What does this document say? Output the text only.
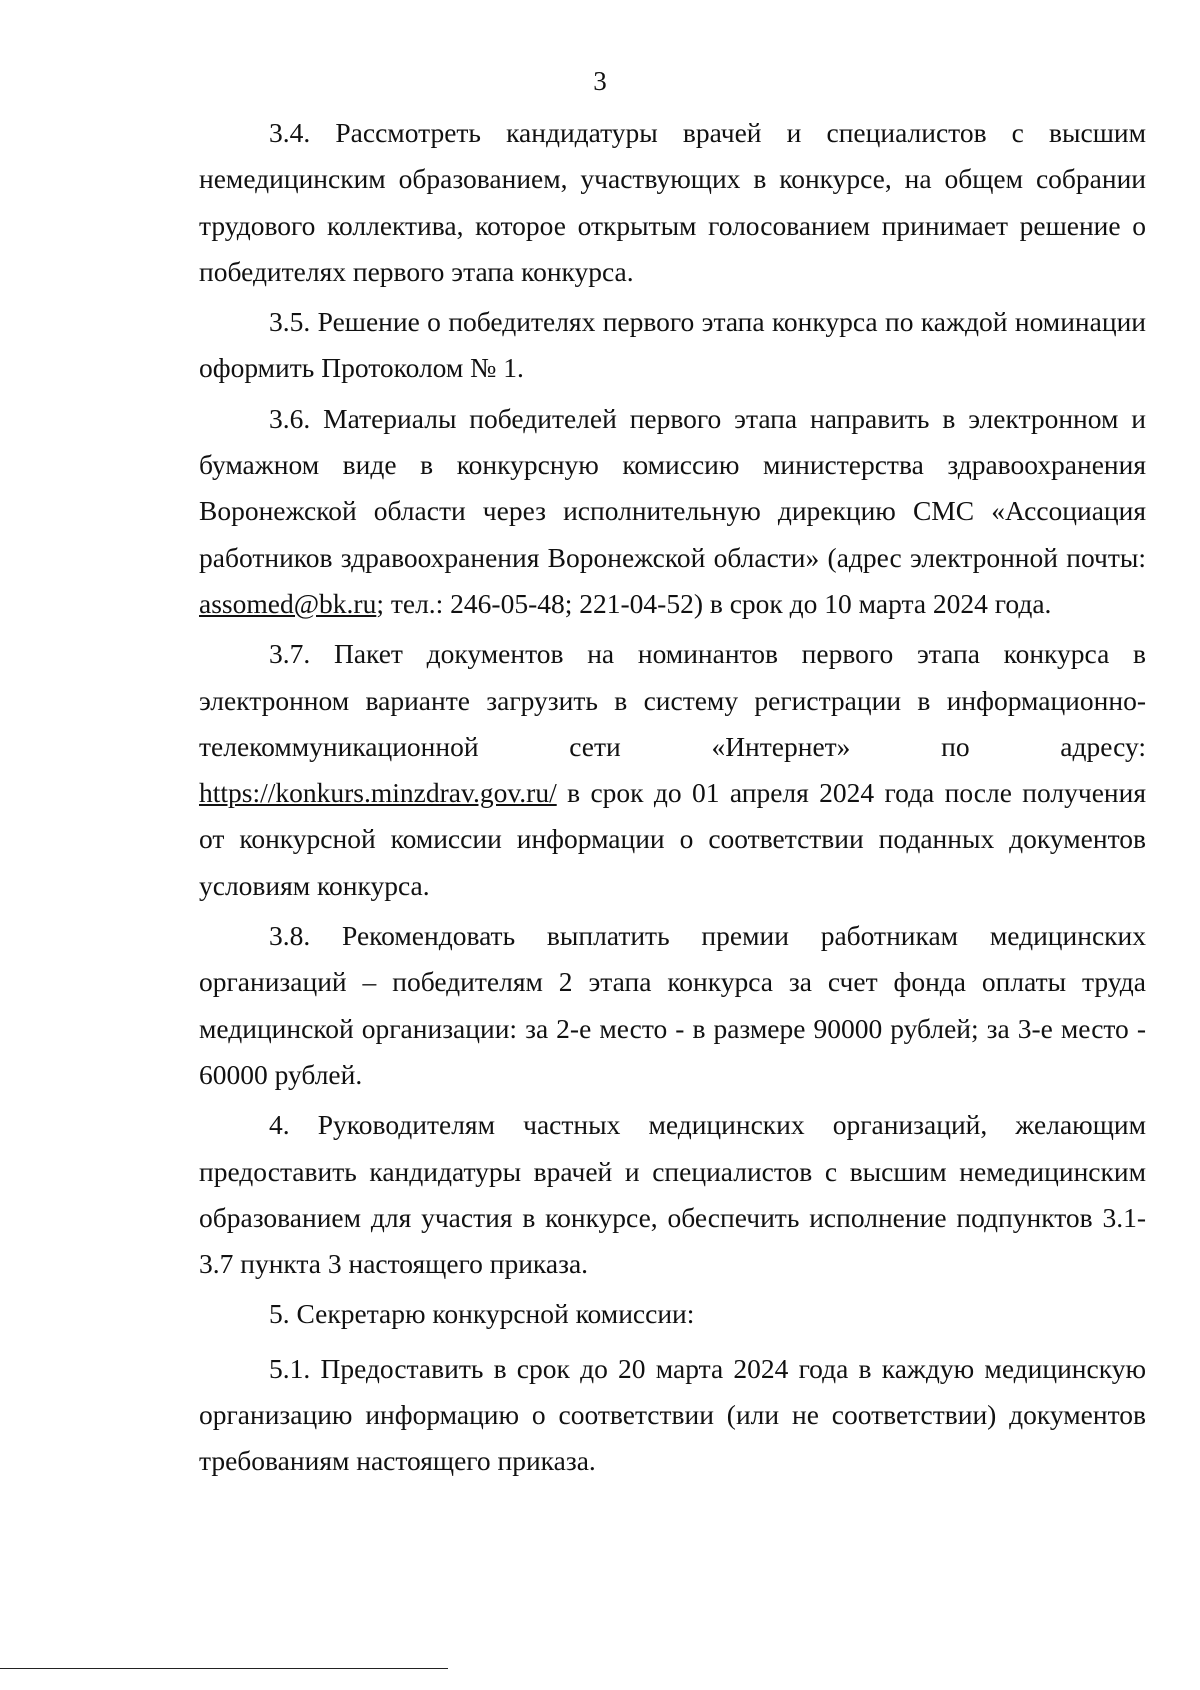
3

3.4. Рассмотреть кандидатуры врачей и специалистов с высшим немедицинским образованием, участвующих в конкурсе, на общем собрании трудового коллектива, которое открытым голосованием принимает решение о победителях первого этапа конкурса.

3.5. Решение о победителях первого этапа конкурса по каждой номинации оформить Протоколом № 1.

3.6. Материалы победителей первого этапа направить в электронном и бумажном виде в конкурсную комиссию министерства здравоохранения Воронежской области через исполнительную дирекцию СМС «Ассоциация работников здравоохранения Воронежской области» (адрес электронной почты: assomed@bk.ru; тел.: 246-05-48; 221-04-52) в срок до 10 марта 2024 года.

3.7. Пакет документов на номинантов первого этапа конкурса в электронном варианте загрузить в систему регистрации в информационно-телекоммуникационной сети «Интернет» по адресу: https://konkurs.minzdrav.gov.ru/ в срок до 01 апреля 2024 года после получения от конкурсной комиссии информации о соответствии поданных документов условиям конкурса.

3.8. Рекомендовать выплатить премии работникам медицинских организаций – победителям 2 этапа конкурса за счет фонда оплаты труда медицинской организации: за 2-е место - в размере 90000 рублей; за 3-е место - 60000 рублей.

4. Руководителям частных медицинских организаций, желающим предоставить кандидатуры врачей и специалистов с высшим немедицинским образованием для участия в конкурсе, обеспечить исполнение подпунктов 3.1- 3.7 пункта 3 настоящего приказа.

5. Секретарю конкурсной комиссии:

5.1. Предоставить в срок до 20 марта 2024 года в каждую медицинскую организацию информацию о соответствии (или не соответствии) документов требованиям настоящего приказа.
